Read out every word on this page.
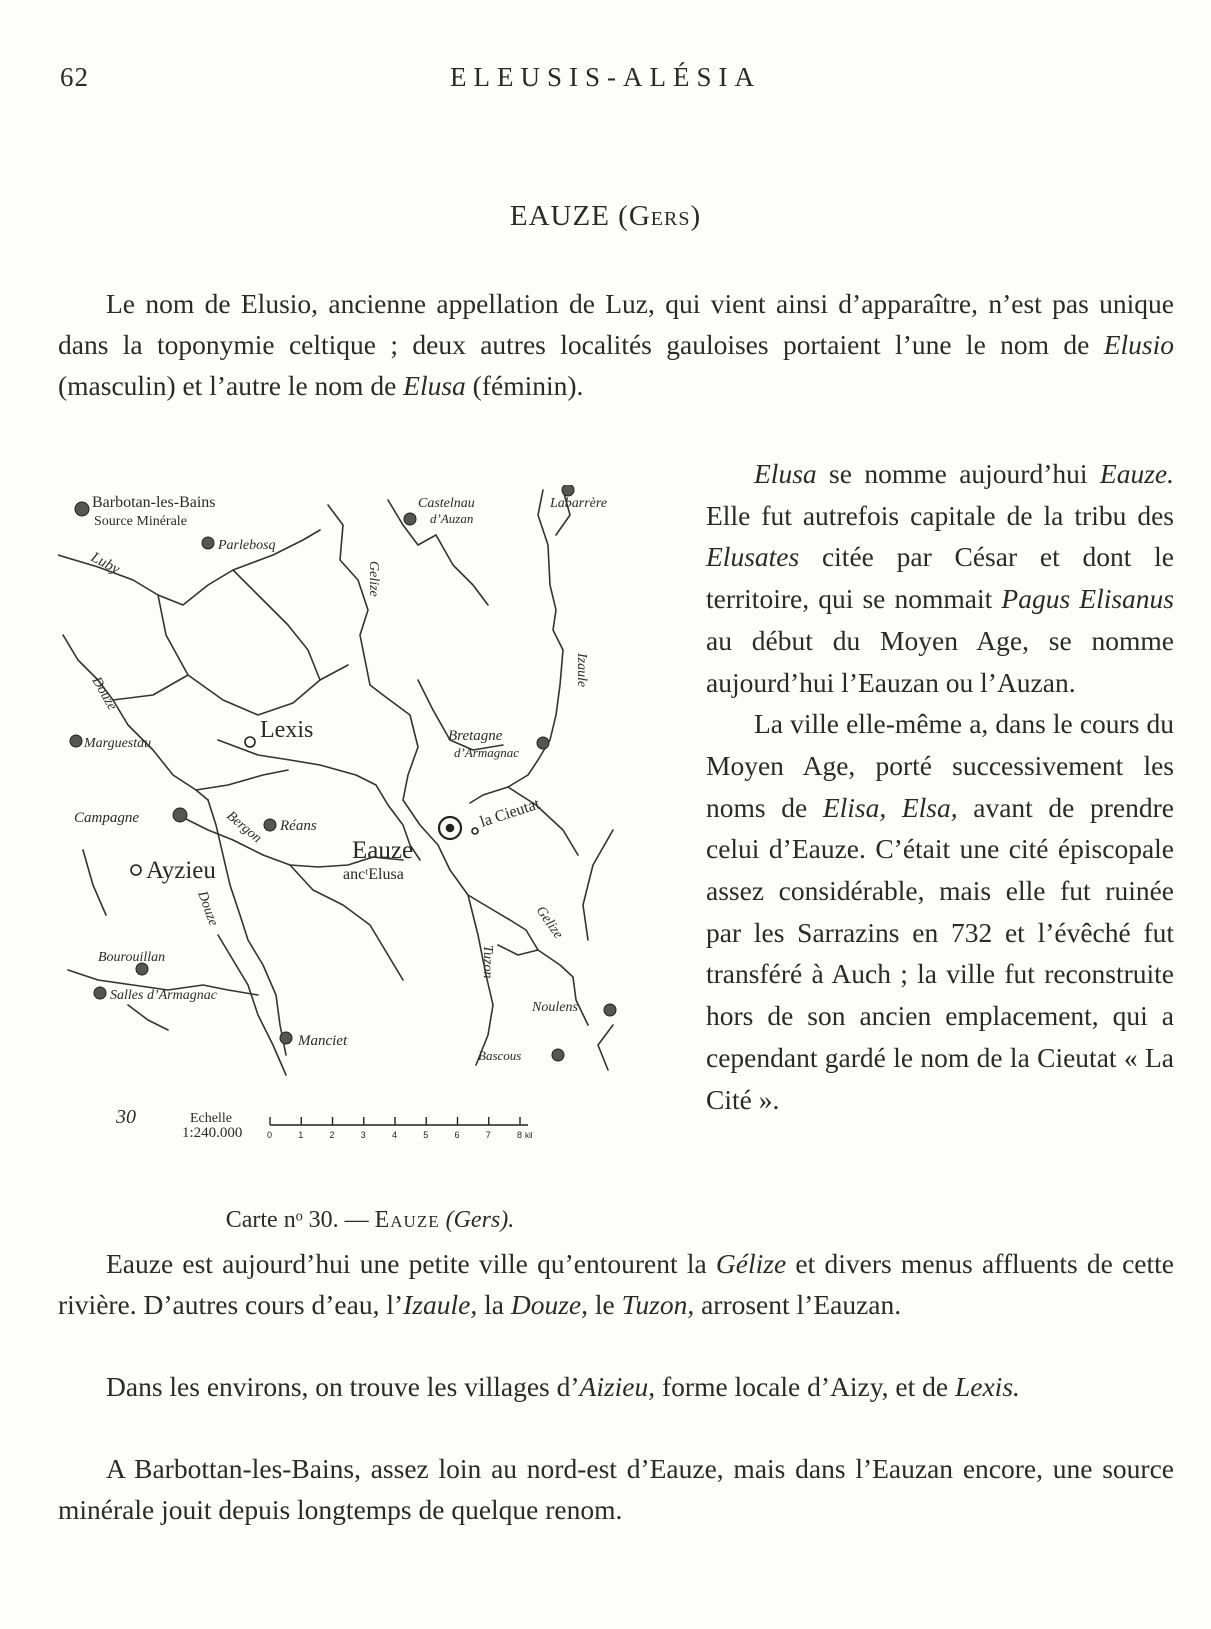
62	ELEUSIS-ALÉSIA
EAUZE (Gers)

Le nom de Elusio, ancienne appellation de Luz, qui vient ainsi d’apparaître, n’est pas unique dans la toponymie celtique ; deux autres localités gauloises portaient l’une le nom de Elusio (masculin) et l’autre le nom de Elusa (féminin).

Elusa se nomme aujourd’hui Eauze. Elle fut autrefois capitale de la tribu des Elusates citée par César et dont le territoire, qui se nommait Pagus Elisanus au début du Moyen Age, se nomme aujourd’hui l’Eauzan ou l’Auzan.

La ville elle-même a, dans le cours du Moyen Age, porté successivement les noms de Elisa, Elsa, avant de prendre celui d’Eauze. C’était une cité épiscopale assez considérable, mais elle fut ruinée par les Sarrazins en 732 et l’évêché fut transféré à Auch ; la ville fut reconstruite hors de son ancien emplacement, qui a cependant gardé le nom de la Cieutat « La Cité ».

Barbotan-les-Bains
Source Minérale
Parlebosq
Luby
Castelnau
d’Auzan
Labarrère
Gelize
Izaule
Douze
Marguestau
Lexis	Bretagne
d’Armagnac
la Cieutat
Campagne	Bergon Réans
Eauze
ancᵗElusa
Ayzieu
Douze	Gelize
Tuzon
Bourouillan
Salles d’Armagnac
Noulens
Manciet
Bascous
30	Echelle
1:240.000	0	1	2	3	4	5	6	7	8 kil
Carte nᵒ 30. — Eauze (Gers).

Eauze est aujourd’hui une petite ville qu’entourent la Gélize et divers menus affluents de cette rivière. D’autres cours d’eau, l’Izaule, la Douze, le Tuzon, arrosent l’Eauzan.

Dans les environs, on trouve les villages d’Aizieu, forme locale d’Aizy, et de Lexis.

A Barbottan-les-Bains, assez loin au nord-est d’Eauze, mais dans l’Eauzan encore, une source minérale jouit depuis longtemps de quelque renom.
